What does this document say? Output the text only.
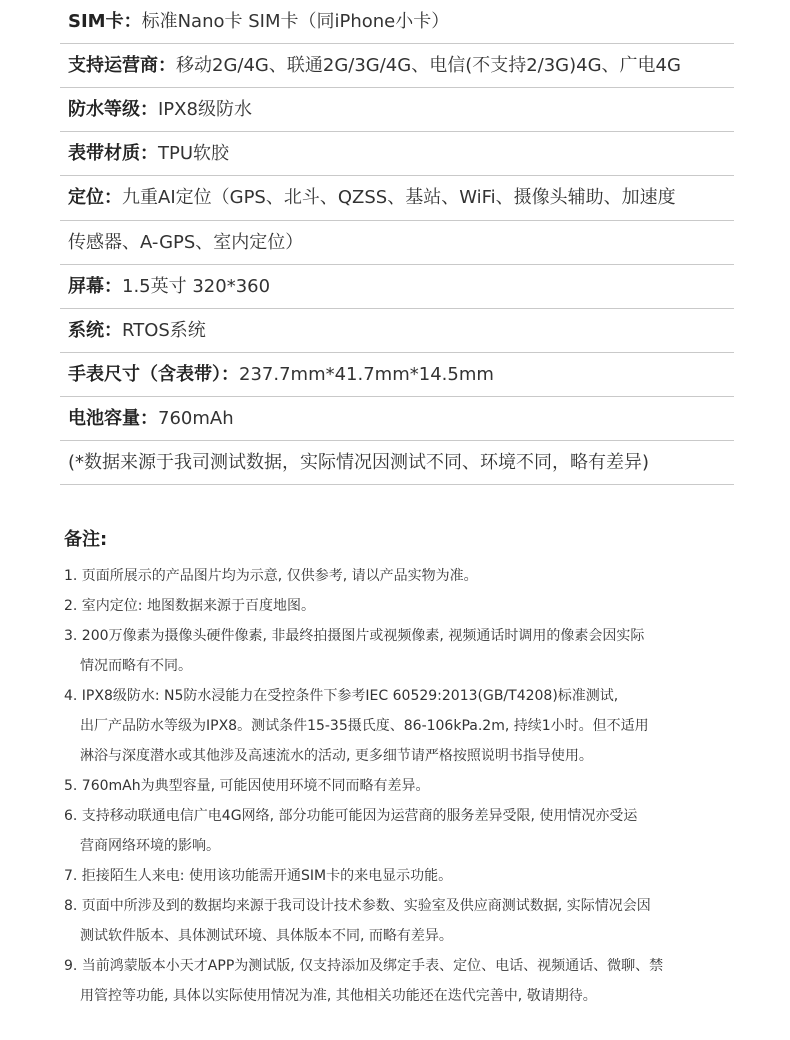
SIM卡：标准Nano卡 SIM卡（同iPhone小卡）
支持运营商：移动2G/4G、联通2G/3G/4G、电信(不支持2/3G)4G、广电4G
防水等级：IPX8级防水
表带材质：TPU软胶
定位：九重AI定位（GPS、北斗、QZSS、基站、WiFi、摄像头辅助、加速度
传感器、A-GPS、室内定位）
屏幕：1.5英寸 320*360
系统：RTOS系统
手表尺寸（含表带）：237.7mm*41.7mm*14.5mm
电池容量：760mAh
(*数据来源于我司测试数据，实际情况因测试不同、环境不同，略有差异)
备注:
1. 页面所展示的产品图片均为示意, 仅供参考, 请以产品实物为准。
2. 室内定位: 地图数据来源于百度地图。
3. 200万像素为摄像头硬件像素, 非最终拍摄图片或视频像素, 视频通话时调用的像素会因实际
情况而略有不同。
4. IPX8级防水: N5防水浸能力在受控条件下参考IEC 60529:2013(GB/T4208)标准测试,
出厂产品防水等级为IPX8。测试条件15-35摄氏度、86-106kPa.2m, 持续1小时。但不适用
淋浴与深度潜水或其他涉及高速流水的活动, 更多细节请严格按照说明书指导使用。
5. 760mAh为典型容量, 可能因使用环境不同而略有差异。
6. 支持移动联通电信广电4G网络, 部分功能可能因为运营商的服务差异受限, 使用情况亦受运
营商网络环境的影响。
7. 拒接陌生人来电: 使用该功能需开通SIM卡的来电显示功能。
8. 页面中所涉及到的数据均来源于我司设计技术参数、实验室及供应商测试数据, 实际情况会因
测试软件版本、具体测试环境、具体版本不同, 而略有差异。
9. 当前鸿蒙版本小天才APP为测试版, 仅支持添加及绑定手表、定位、电话、视频通话、微聊、禁
用管控等功能, 具体以实际使用情况为准, 其他相关功能还在迭代完善中, 敬请期待。
